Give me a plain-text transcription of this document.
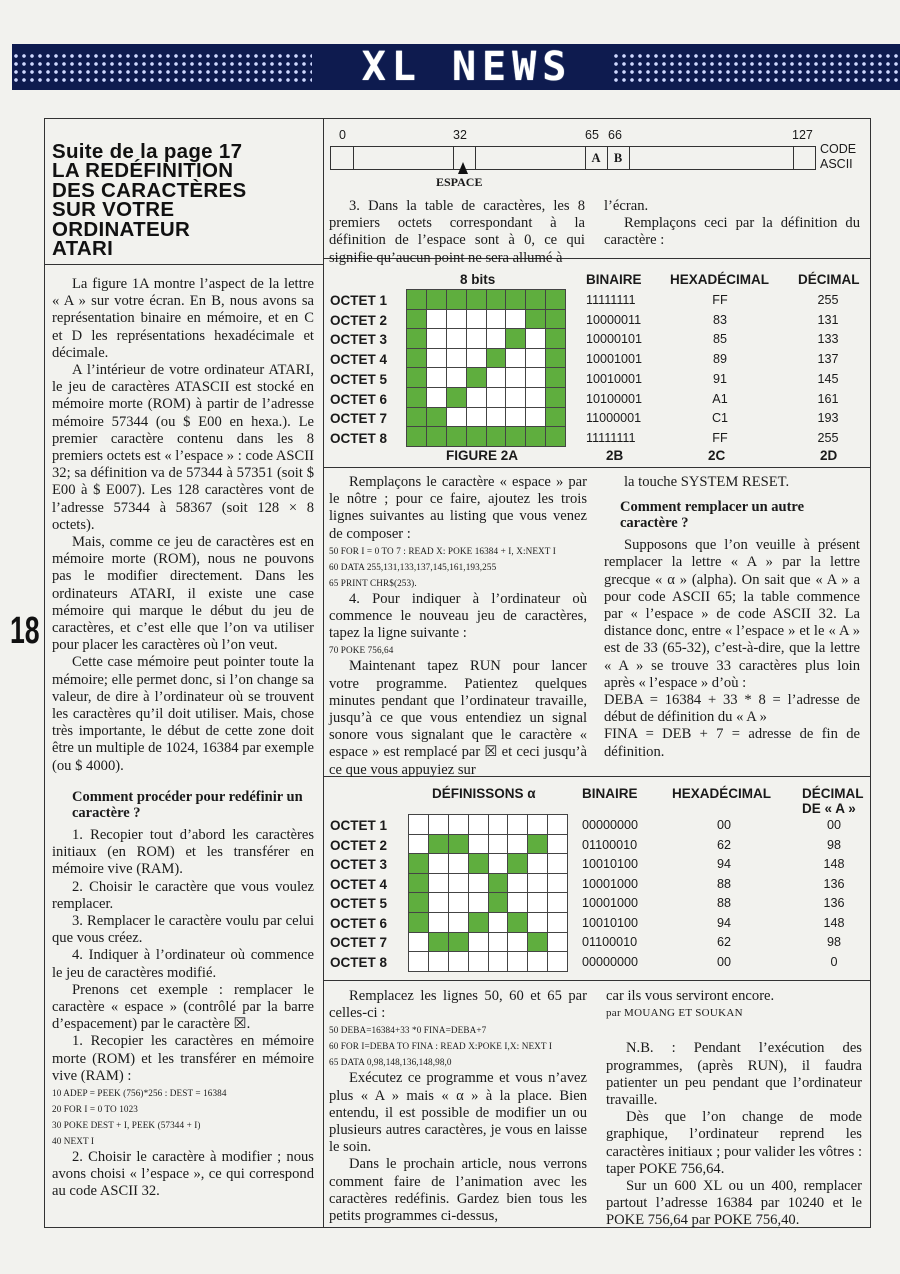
XL NEWS
18
Suite de la page 17
LA REDÉFINITION
DES CARACTÈRES
SUR VOTRE
ORDINATEUR
ATARI

La figure 1A montre l’aspect de la lettre « A » sur votre écran. En B, nous avons sa représentation binaire en mémoire, et en C et D les représentations hexadécimale et décimale.

A l’intérieur de votre ordinateur ATARI, le jeu de caractères ATASCII est stocké en mémoire morte (ROM) à partir de l’adresse mémoire 57344 (ou $ E00 en hexa.). Le premier caractère contenu dans les 8 premiers octets est « l’espace » : code ASCII 32; sa définition va de 57344 à 57351 (soit $ E00 à $ E007). Les 128 caractères vont de l’adresse 57344 à 58367 (soit 128 × 8 octets).

Mais, comme ce jeu de caractères est en mémoire morte (ROM), nous ne pouvons pas le modifier directement. Dans les ordinateurs ATARI, il existe une case mémoire qui marque le début du jeu de caractères, et c’est elle que l’on va utiliser pour placer les caractères où l’on veut.

Cette case mémoire peut pointer toute la mémoire; elle permet donc, si l’on change sa valeur, de dire à l’ordinateur où se trouvent les caractères qu’il doit utiliser. Mais, chose très importante, le début de cette zone doit être un multiple de 1024, 16384 par exemple (ou $ 4000).

Comment procéder pour redéfinir un caractère ?

1. Recopier tout d’abord les caractères initiaux (en ROM) et les transférer en mémoire vive (RAM).

2. Choisir le caractère que vous voulez remplacer.

3. Remplacer le caractère voulu par celui que vous créez.

4. Indiquer à l’ordinateur où commence le jeu de caractères modifié.

Prenons cet exemple : remplacer le caractère « espace » (contrôlé par la barre d’espacement) par le caractère ☒.

1. Recopier les caractères en mémoire morte (ROM) et les transférer en mémoire vive (RAM) :

10 ADEP = PEEK (756)*256 : DEST = 16384

20 FOR I = 0 TO 1023

30 POKE DEST + I, PEEK (57344 + I)

40 NEXT I

2. Choisir le caractère à modifier ; nous avons choisi « l’espace », ce qui correspond au code ASCII 32.

0	32	65 66	127
A	B
CODE
ASCII
ESPACE

3. Dans la table de caractères, les 8 premiers octets correspondant à la définition de l’espace sont à 0, ce qui signifie qu’aucun point ne sera allumé à

l’écran.

Remplaçons ceci par la définition du caractère :

8 bits	BINAIRE HEXADÉCIMAL DÉCIMAL
OCTET 1	11111111	FF	255
OCTET 2	10000011	83	131
OCTET 3	10000101	85	133
OCTET 4	10001001	89	137
OCTET 5	10010001	91	145
OCTET 6	10100001	A1	161
OCTET 7	11000001	C1	193
OCTET 8	11111111	FF	255
FIGURE 2A	2B	2C	2D

Remplaçons le caractère « espace » par le nôtre ; pour ce faire, ajoutez les trois lignes suivantes au listing que vous venez de composer :

50 FOR I = 0 TO 7 : READ X: POKE 16384 + I, X:NEXT I

60 DATA 255,131,133,137,145,161,193,255

65 PRINT CHR$(253).

4. Pour indiquer à l’ordinateur où commence le nouveau jeu de caractères, tapez la ligne suivante :

70 POKE 756,64

Maintenant tapez RUN pour lancer votre programme. Patientez quelques minutes pendant que l’ordinateur travaille, jusqu’à ce que vous entendiez un signal sonore vous signalant que le caractère « espace » est remplacé par ☒ et ceci jusqu’à ce que vous appuyiez sur

la touche SYSTEM RESET.

Comment remplacer un autre caractère ?

Supposons que l’on veuille à présent remplacer la lettre « A » par la lettre grecque « α » (alpha). On sait que « A » a pour code ASCII 65; la table commence par « l’espace » de code ASCII 32. La distance donc, entre « l’espace » et le « A » est de 33 (65-32), c’est-à-dire, que la lettre « A » se trouve 33 caractères plus loin après « l’espace » d’où :

DEBA = 16384 + 33 * 8 = l’adresse de début de définition du « A »

FINA = DEB + 7 = adresse de fin de définition.

DÉFINISSONS α	BINAIRE	HEXADÉCIMAL DÉCIMAL
DE « A »
OCTET 1	00000000	00	00
OCTET 2	01100010	62	98
OCTET 3	10010100	94	148
OCTET 4	10001000	88	136
OCTET 5	10001000	88	136
OCTET 6	10010100	94	148
OCTET 7	01100010	62	98
OCTET 8	00000000	00	0

Remplacez les lignes 50, 60 et 65 par celles-ci :

50 DEBA=16384+33 *0 FINA=DEBA+7

60 FOR I=DEBA TO FINA : READ X:POKE I,X: NEXT I

65 DATA 0,98,148,136,148,98,0

Exécutez ce programme et vous n’avez plus « A » mais « α » à la place. Bien entendu, il est possible de modifier un ou plusieurs autres caractères, je vous en laisse le soin.

Dans le prochain article, nous verrons comment faire de l’animation avec les caractères redéfinis. Gardez bien tous les petits programmes ci-dessus,

car ils vous serviront encore.

par MOUANG ET SOUKAN

N.B. : Pendant l’exécution des programmes, (après RUN), il faudra patienter un peu pendant que l’ordinateur travaille.

Dès que l’on change de mode graphique, l’ordinateur reprend les caractères initiaux ; pour valider les vôtres : taper POKE 756,64.

Sur un 600 XL ou un 400, remplacer partout l’adresse 16384 par 10240 et le POKE 756,64 par POKE 756,40.
